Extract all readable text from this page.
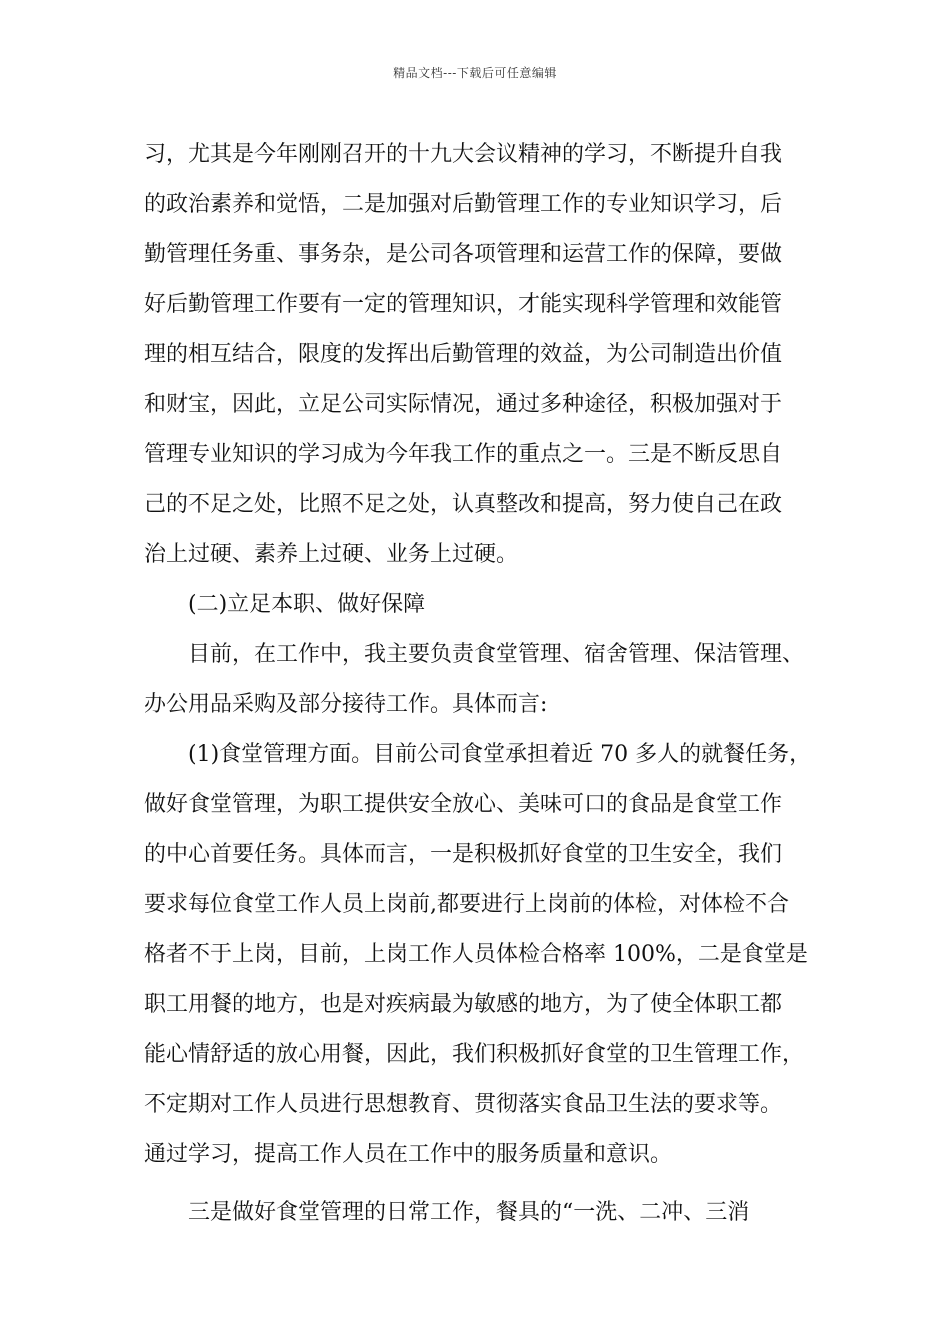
精品文档---下载后可任意编辑
习，尤其是今年刚刚召开的十九大会议精神的学习，不断提升自我
的政治素养和觉悟，二是加强对后勤管理工作的专业知识学习，后
勤管理任务重、事务杂，是公司各项管理和运营工作的保障，要做
好后勤管理工作要有一定的管理知识，才能实现科学管理和效能管
理的相互结合，限度的发挥出后勤管理的效益，为公司制造出价值
和财宝，因此，立足公司实际情况，通过多种途径，积极加强对于
管理专业知识的学习成为今年我工作的重点之一。三是不断反思自
己的不足之处，比照不足之处，认真整改和提高，努力使自己在政
治上过硬、素养上过硬、业务上过硬。
(二)立足本职、做好保障
目前，在工作中，我主要负责食堂管理、宿舍管理、保洁管理、
办公用品采购及部分接待工作。具体而言:
(1)食堂管理方面。目前公司食堂承担着近 70 多人的就餐任务，
做好食堂管理，为职工提供安全放心、美味可口的食品是食堂工作
的中心首要任务。具体而言，一是积极抓好食堂的卫生安全，我们
要求每位食堂工作人员上岗前,都要进行上岗前的体检，对体检不合
格者不于上岗，目前，上岗工作人员体检合格率 100%，二是食堂是
职工用餐的地方，也是对疾病最为敏感的地方，为了使全体职工都
能心情舒适的放心用餐，因此，我们积极抓好食堂的卫生管理工作，
不定期对工作人员进行思想教育、贯彻落实食品卫生法的要求等。
通过学习，提高工作人员在工作中的服务质量和意识。
三是做好食堂管理的日常工作，餐具的“一洗、二冲、三消
